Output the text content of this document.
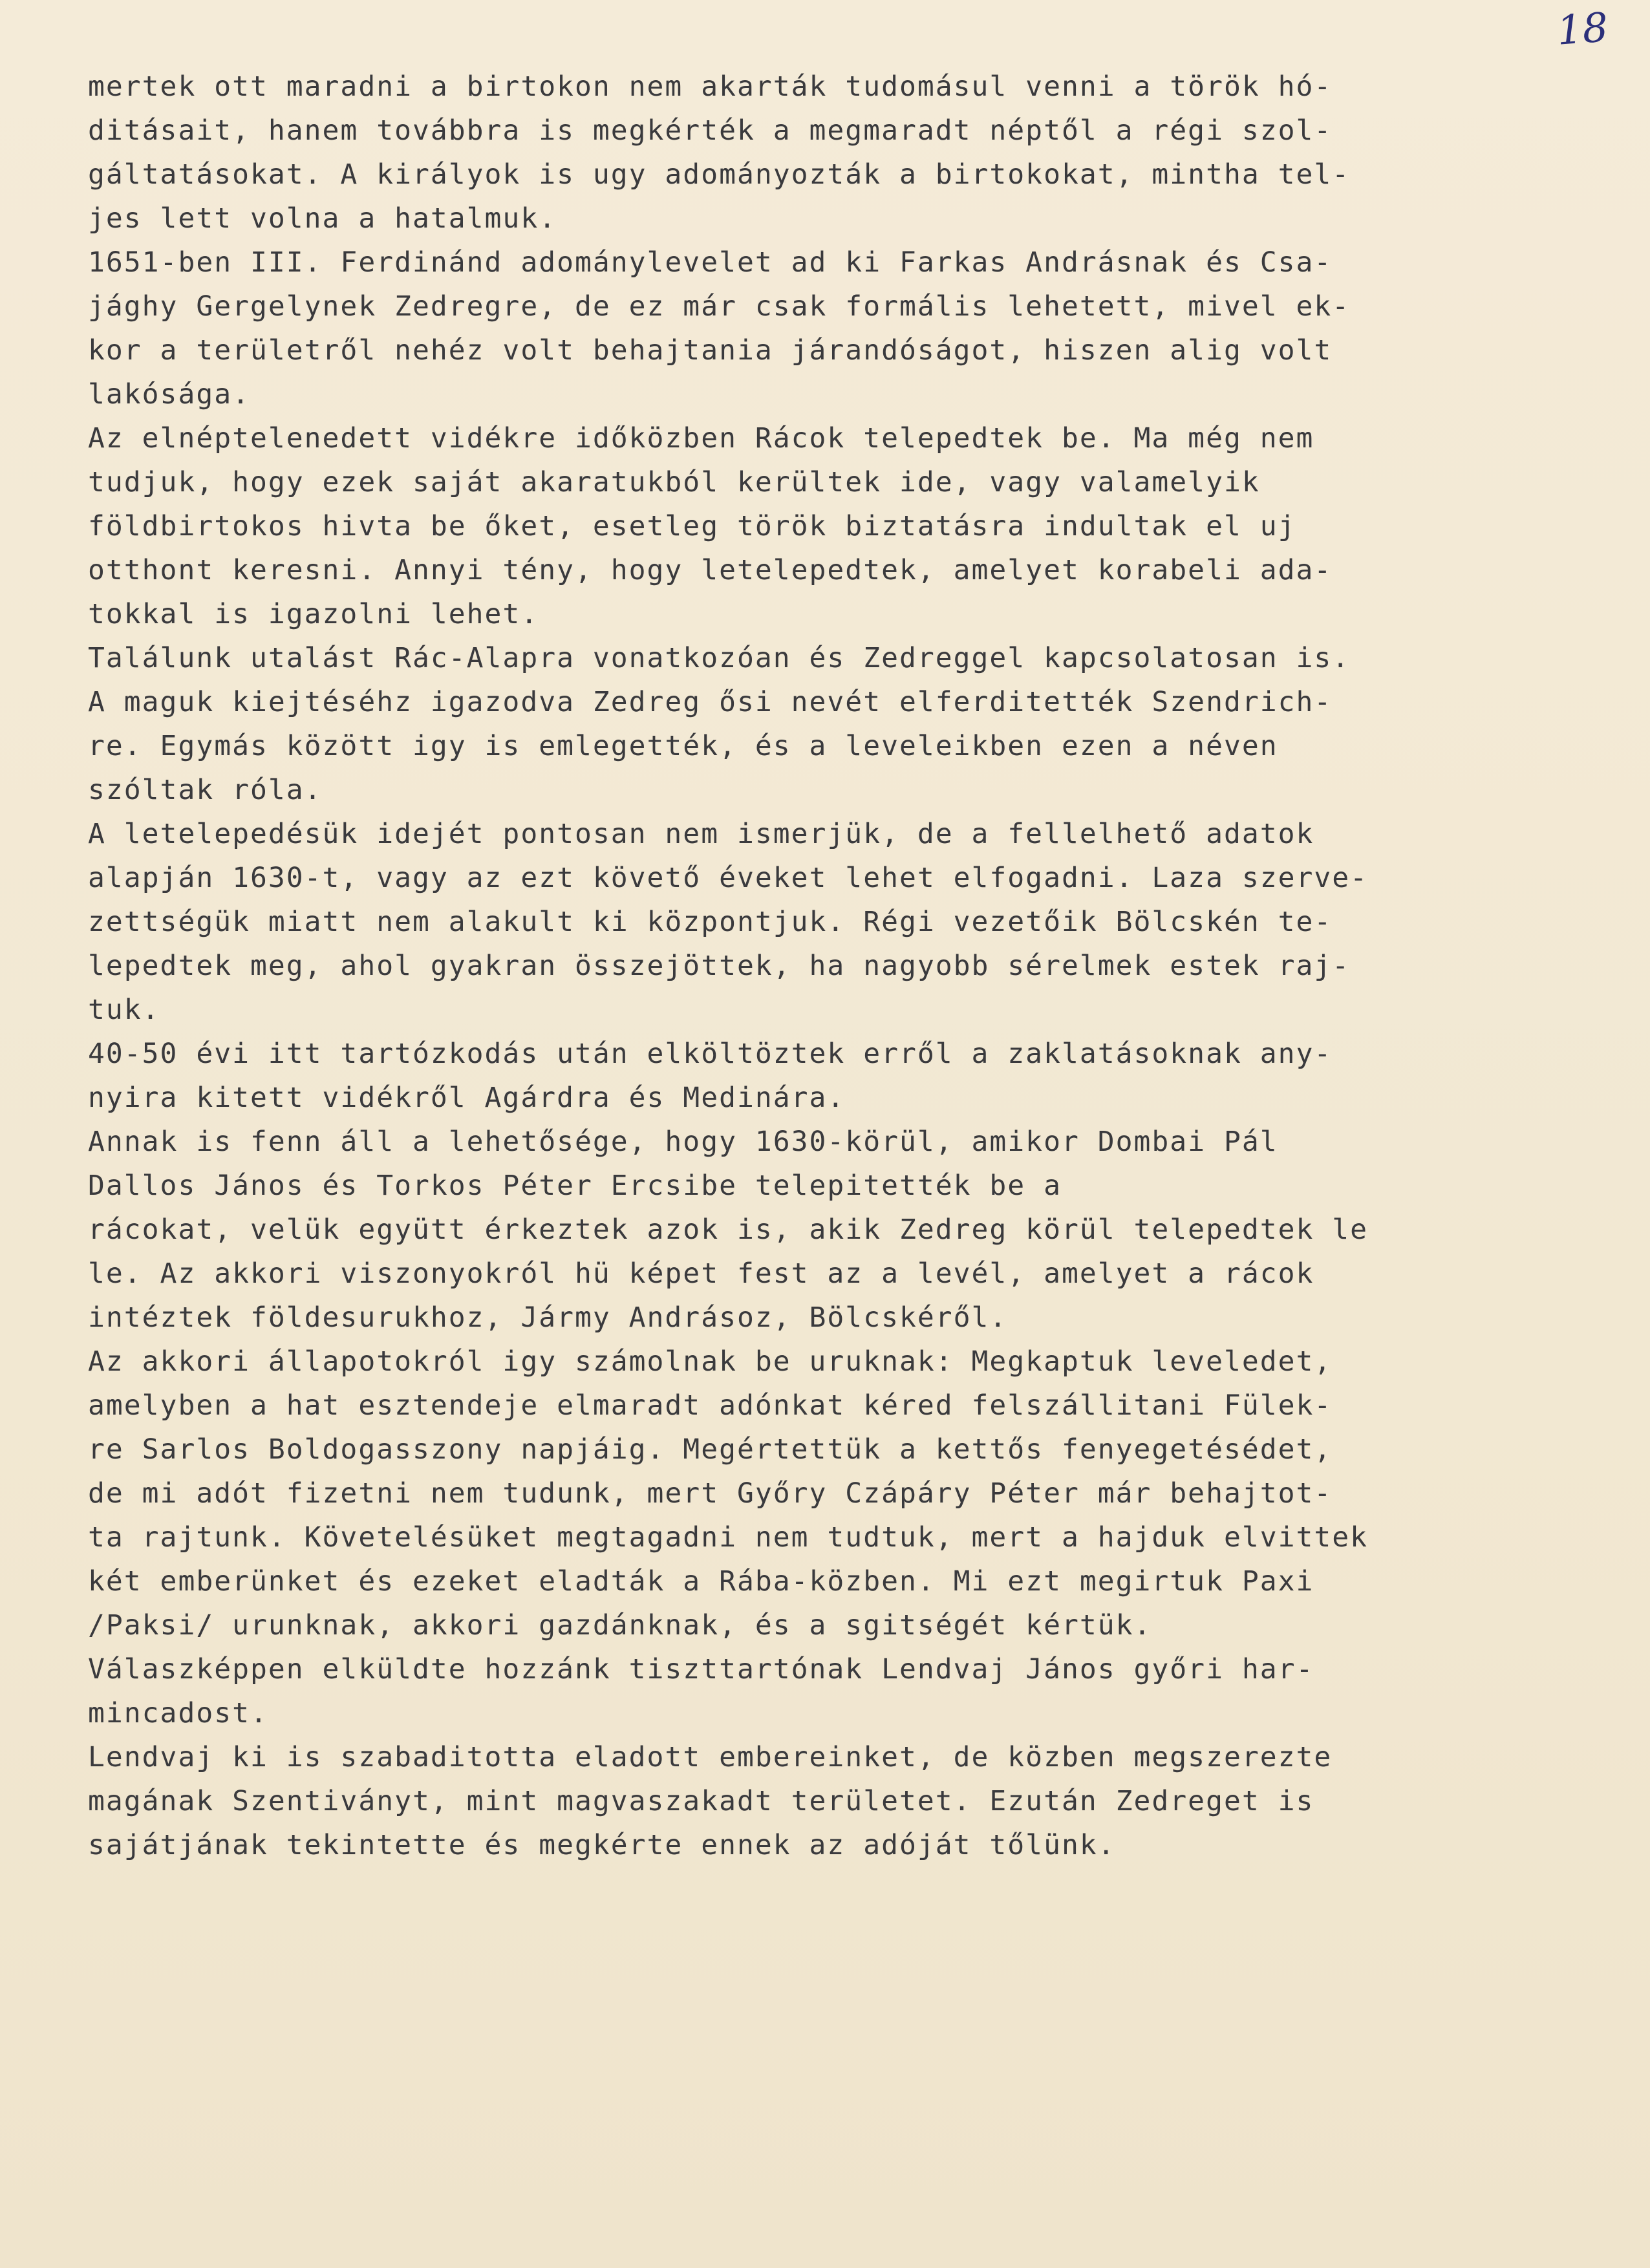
18
mertek ott maradni a birtokon nem akarták tudomásul venni a török hó-
ditásait, hanem továbbra is megkérték a megmaradt néptől a régi szol-
gáltatásokat. A királyok is ugy adományozták a birtokokat, mintha tel-
jes lett volna a hatalmuk.
1651-ben III. Ferdinánd adománylevelet ad ki Farkas Andrásnak és Csa-
jághy Gergelynek Zedregre, de ez már csak formális lehetett, mivel ek-
kor a területről nehéz volt behajtania járandóságot, hiszen alig volt
lakósága.
Az elnéptelenedett vidékre időközben Rácok telepedtek be. Ma még nem
tudjuk, hogy ezek saját akaratukból kerültek ide, vagy valamelyik
földbirtokos hivta be őket, esetleg török biztatásra indultak el uj
otthont keresni. Annyi tény, hogy letelepedtek, amelyet korabeli ada-
tokkal is igazolni lehet.
Találunk utalást Rác-Alapra vonatkozóan és Zedreggel kapcsolatosan is.
A maguk kiejtéséhz igazodva Zedreg ősi nevét elferditették Szendrich-
re. Egymás között igy is emlegették, és a leveleikben ezen a néven
szóltak róla.
A letelepedésük idejét pontosan nem ismerjük, de a fellelhető adatok
alapján 1630-t, vagy az ezt követő éveket lehet elfogadni. Laza szerve-
zettségük miatt nem alakult ki központjuk. Régi vezetőik Bölcskén te-
lepedtek meg, ahol gyakran összejöttek, ha nagyobb sérelmek estek raj-
tuk.
40-50 évi itt tartózkodás után elköltöztek erről a zaklatásoknak any-
nyira kitett vidékről Agárdra és Medinára.
Annak is fenn áll a lehetősége, hogy 1630-körül, amikor Dombai Pál
Dallos János és Torkos Péter Ercsibe telepitették be a
rácokat, velük együtt érkeztek azok is, akik Zedreg körül telepedtek le
le. Az akkori viszonyokról hü képet fest az a levél, amelyet a rácok
intéztek földesurukhoz, Jármy Andrásoz, Bölcskéről.
Az akkori állapotokról igy számolnak be uruknak: Megkaptuk leveledet,
amelyben a hat esztendeje elmaradt adónkat kéred felszállitani Fülek-
re Sarlos Boldogasszony napjáig. Megértettük a kettős fenyegetésédet,
de mi adót fizetni nem tudunk, mert Győry Czápáry Péter már behajtot-
ta rajtunk. Követelésüket megtagadni nem tudtuk, mert a hajduk elvittek
két emberünket és ezeket eladták a Rába-közben. Mi ezt megirtuk Paxi
/Paksi/ urunknak, akkori gazdánknak, és a sgitségét kértük.
Válaszképpen elküldte hozzánk tiszttartónak Lendvaj János győri har-
mincadost.
Lendvaj ki is szabaditotta eladott embereinket, de közben megszerezte
magának Szentiványt, mint magvaszakadt területet. Ezután Zedreget is
sajátjának tekintette és megkérte ennek az adóját tőlünk.
